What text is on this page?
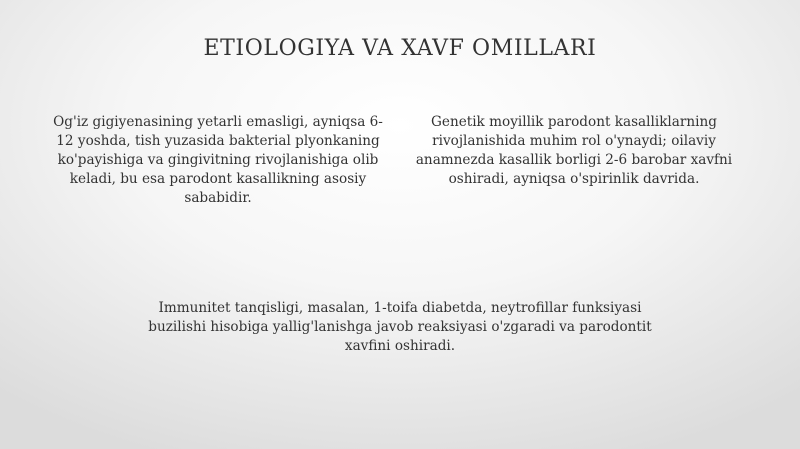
ETIOLOGIYA VA XAVF OMILLARI
Og'iz gigiyenasining yetarli emasligi, ayniqsa 6-12 yoshda, tish yuzasida bakterial plyonkaning ko'payishiga va gingivitning rivojlanishiga olib keladi, bu esa parodont kasallikning asosiy sababidir.
Genetik moyillik parodont kasalliklarning rivojlanishida muhim rol o'ynaydi; oilaviy anamnezda kasallik borligi 2-6 barobar xavfni oshiradi, ayniqsa o'spirinlik davrida.
Immunitet tanqisligi, masalan, 1-toifa diabetda, neytrofillar funksiyasi buzilishi hisobiga yallig'lanishga javob reaksiyasi o'zgaradi va parodontit xavfini oshiradi.
